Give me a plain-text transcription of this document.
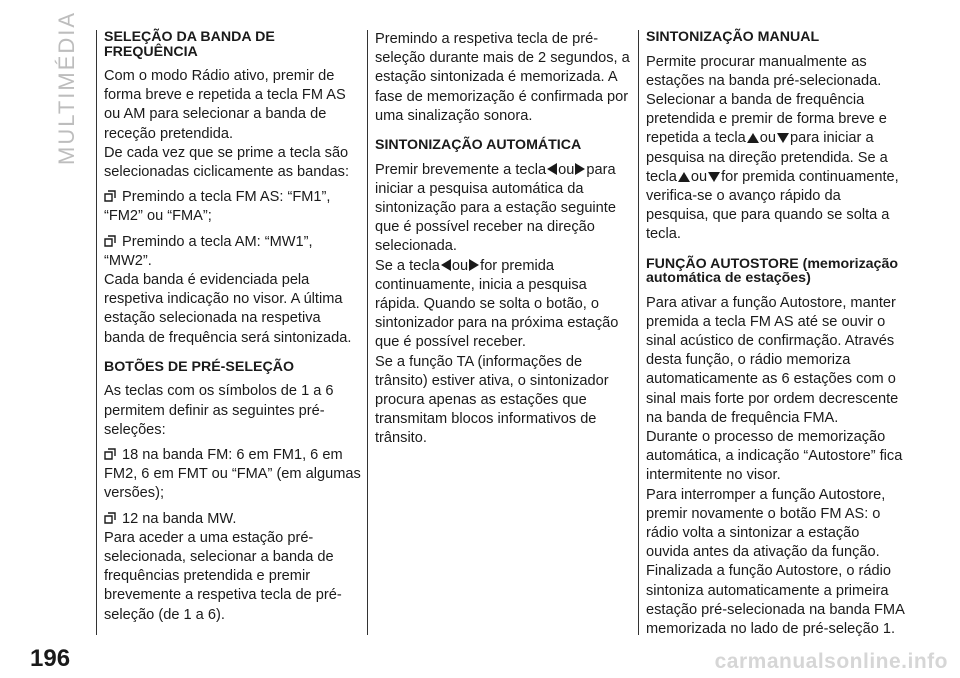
MULTIMÉDIA
196
SELEÇÃO DA BANDA DE FREQUÊNCIA

Com o modo Rádio ativo, premir de forma breve e repetida a tecla FM AS ou AM para selecionar a banda de receção pretendida.

De cada vez que se prime a tecla são selecionadas ciclicamente as bandas:

Premindo a tecla FM AS: “FM1”, “FM2” ou “FMA”;

Premindo a tecla AM: “MW1”, “MW2”.

Cada banda é evidenciada pela respetiva indicação no visor. A última estação selecionada na respetiva banda de frequência será sintonizada.

BOTÕES DE PRÉ-SELEÇÃO

As teclas com os símbolos de 1 a 6 permitem definir as seguintes pré-seleções:

18 na banda FM: 6 em FM1, 6 em FM2, 6 em FMT ou “FMA” (em algumas versões);

12 na banda MW.

Para aceder a uma estação pré-selecionada, selecionar a banda de frequências pretendida e premir brevemente a respetiva tecla de pré-seleção (de 1 a 6).

Premindo a respetiva tecla de pré-seleção durante mais de 2 segundos, a estação sintonizada é memorizada. A fase de memorização é confirmada por uma sinalização sonora.

SINTONIZAÇÃO AUTOMÁTICA

Premir brevemente a tecla ou para iniciar a pesquisa automática da sintonização para a estação seguinte que é possível receber na direção selecionada.

Se a tecla ou for premida continuamente, inicia a pesquisa rápida. Quando se solta o botão, o sintonizador para na próxima estação que é possível receber.

Se a função TA (informações de trânsito) estiver ativa, o sintonizador procura apenas as estações que transmitam blocos informativos de trânsito.

SINTONIZAÇÃO MANUAL

Permite procurar manualmente as estações na banda pré-selecionada. Selecionar a banda de frequência pretendida e premir de forma breve e repetida a tecla ou para iniciar a pesquisa na direção pretendida. Se a tecla ou for premida continuamente, verifica-se o avanço rápido da pesquisa, que para quando se solta a tecla.

FUNÇÃO AUTOSTORE (memorização automática de estações)

Para ativar a função Autostore, manter premida a tecla FM AS até se ouvir o sinal acústico de confirmação. Através desta função, o rádio memoriza automaticamente as 6 estações com o sinal mais forte por ordem decrescente na banda de frequência FMA.

Durante o processo de memorização automática, a indicação “Autostore” fica intermitente no visor.

Para interromper a função Autostore, premir novamente o botão FM AS: o rádio volta a sintonizar a estação ouvida antes da ativação da função.

Finalizada a função Autostore, o rádio sintoniza automaticamente a primeira estação pré-selecionada na banda FMA memorizada no lado de pré-seleção 1.

carmanualsonline.info
